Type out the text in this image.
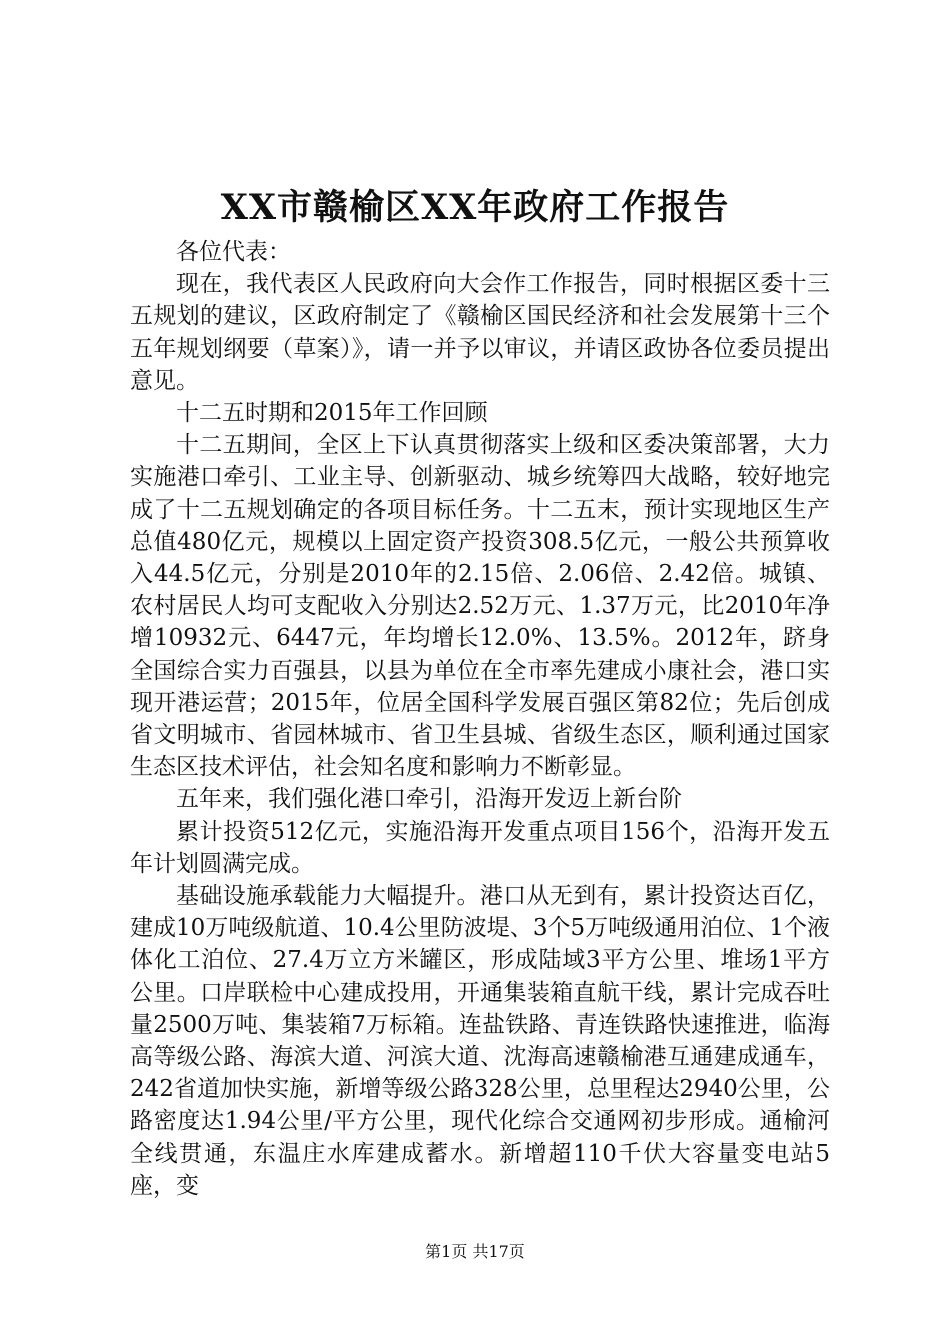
XX市赣榆区XX年政府工作报告

各位代表：

现在，我代表区人民政府向大会作工作报告，同时根据区委十三五规划的建议，区政府制定了《赣榆区国民经济和社会发展第十三个五年规划纲要（草案）》，请一并予以审议，并请区政协各位委员提出意见。

十二五时期和2015年工作回顾

十二五期间，全区上下认真贯彻落实上级和区委决策部署，大力实施港口牵引、工业主导、创新驱动、城乡统筹四大战略，较好地完成了十二五规划确定的各项目标任务。十二五末，预计实现地区生产总值480亿元，规模以上固定资产投资308.5亿元，一般公共预算收入44.5亿元，分别是2010年的2.15倍、2.06倍、2.42倍。城镇、农村居民人均可支配收入分别达2.52万元、1.37万元，比2010年净增10932元、6447元，年均增长12.0%、13.5%。2012年，跻身全国综合实力百强县，以县为单位在全市率先建成小康社会，港口实现开港运营；2015年，位居全国科学发展百强区第82位；先后创成省文明城市、省园林城市、省卫生县城、省级生态区，顺利通过国家生态区技术评估，社会知名度和影响力不断彰显。

五年来，我们强化港口牵引，沿海开发迈上新台阶

累计投资512亿元，实施沿海开发重点项目156个，沿海开发五年计划圆满完成。

基础设施承载能力大幅提升。港口从无到有，累计投资达百亿，建成10万吨级航道、10.4公里防波堤、3个5万吨级通用泊位、1个液体化工泊位、27.4万立方米罐区，形成陆域3平方公里、堆场1平方公里。口岸联检中心建成投用，开通集装箱直航干线，累计完成吞吐量2500万吨、集装箱7万标箱。连盐铁路、青连铁路快速推进，临海高等级公路、海滨大道、河滨大道、沈海高速赣榆港互通建成通车，242省道加快实施，新增等级公路328公里，总里程达2940公里，公路密度达1.94公里/平方公里，现代化综合交通网初步形成。通榆河全线贯通，东温庄水库建成蓄水。新增超110千伏大容量变电站5座，变

第1页 共17页
